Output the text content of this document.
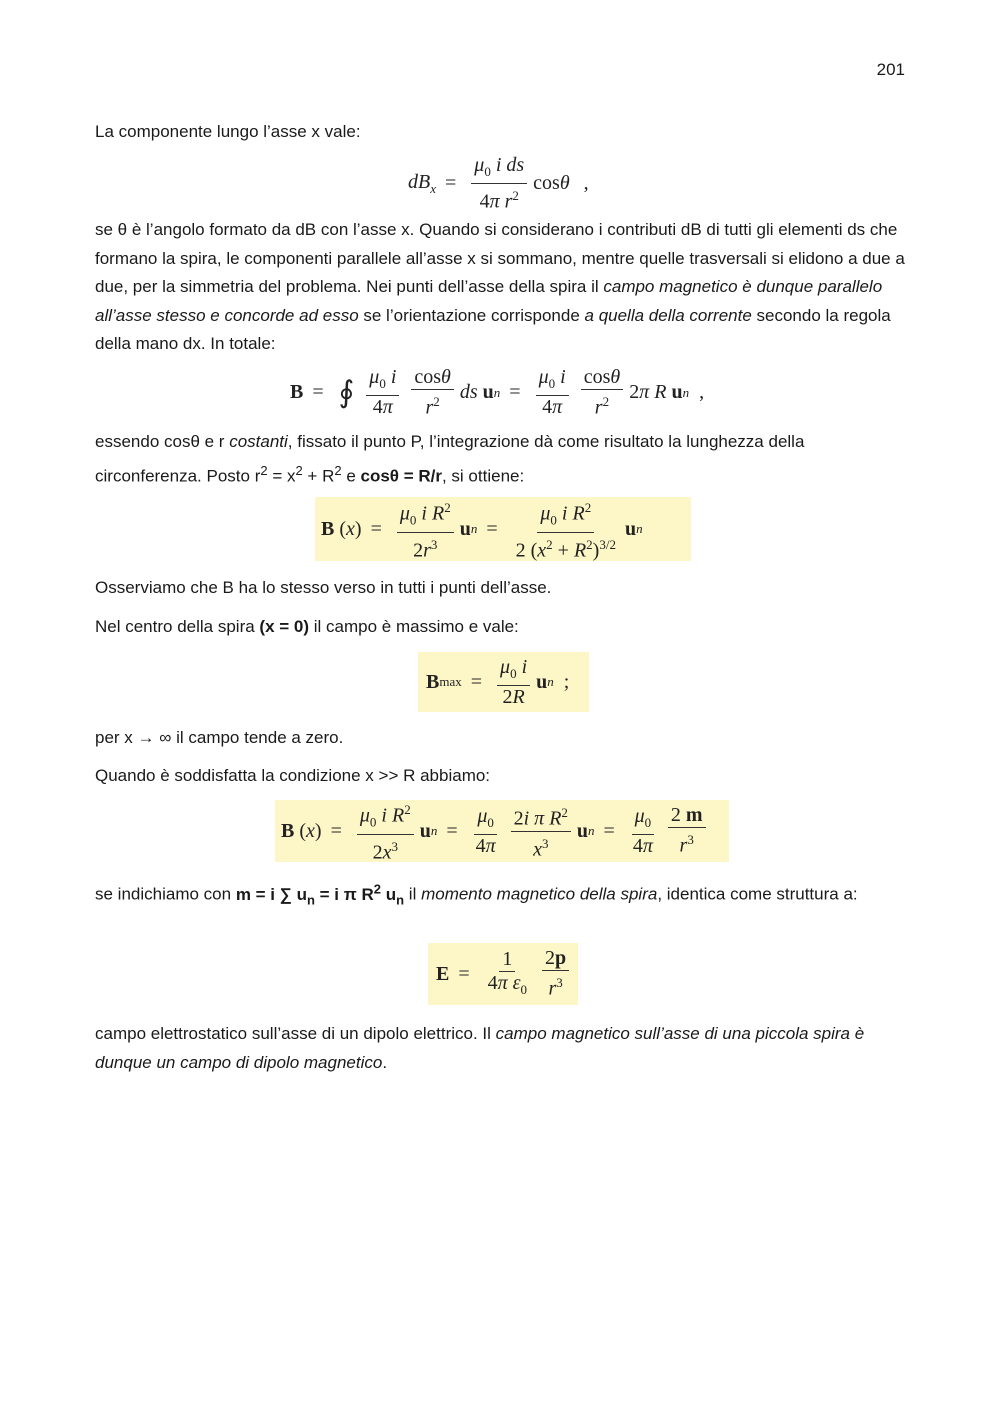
201
La componente lungo l’asse x vale:
$dB_x = \frac{\mu_0 i ds}{4\pi r^2}$ cosθ ,
se θ è l’angolo formato da dB con l’asse x. Quando si considerano i contributi dB di tutti gli elementi ds che formano la spira, le componenti parallele all’asse x si sommano, mentre quelle trasversali si elidono a due a due, per la simmetria del problema. Nei punti dell’asse della spira il campo magnetico è dunque parallelo all’asse stesso e concorde ad esso se l’orientazione corrisponde a quella della corrente secondo la regola della mano dx. In totale:
B = ∮ $\frac{\mu_0 i}{4\pi} \frac{\cos\theta}{r^2}$ ds
u $n = \frac{\mu_0 i}{4\pi} \frac{\cos\theta}{r^2} 2\pi$ R
u n ,
essendo cosθ e r costanti, fissato il punto P, l’integrazione dà come risultato la lunghezza della circonferenza. Posto $r^2 = x^2 + R^2$ e cosθ = R/r, si ottiene:
B ( x ) = $\frac{\mu_0 i R^2}{2r^3}$ u $n = \frac{\mu_0 i R^2}{2 (x^2 + R^2)^{3/2}}$ u n
Osserviamo che B ha lo stesso verso in tutti i punti dell’asse.
Nel centro della spira (x = 0) il campo è massimo e vale:
B $\max = \frac{\mu_0 i}{2R}$ u n ;
per x → ∞ il campo tende a zero.
Quando è soddisfatta la condizione x >> R abbiamo:
B ( x ) = $\frac{\mu_0 i R^2}{2x^3}$ u $n = \frac{\mu_0}{4\pi} \frac{2i \pi R^2}{x^3}$ u $n = \frac{\mu_0}{4\pi} \frac{2 m}{r^3}$
se indichiamo con m = i ∑ $u_n = i$ π $R^2$ $u_n$ il momento magnetico della spira, identica come struttura a:
$E = \frac{1}{4\pi \varepsilon_0} \frac{2p}{r^3}$
campo elettrostatico sull’asse di un dipolo elettrico. Il campo magnetico sull’asse di una piccola spira è dunque un campo di dipolo magnetico.
